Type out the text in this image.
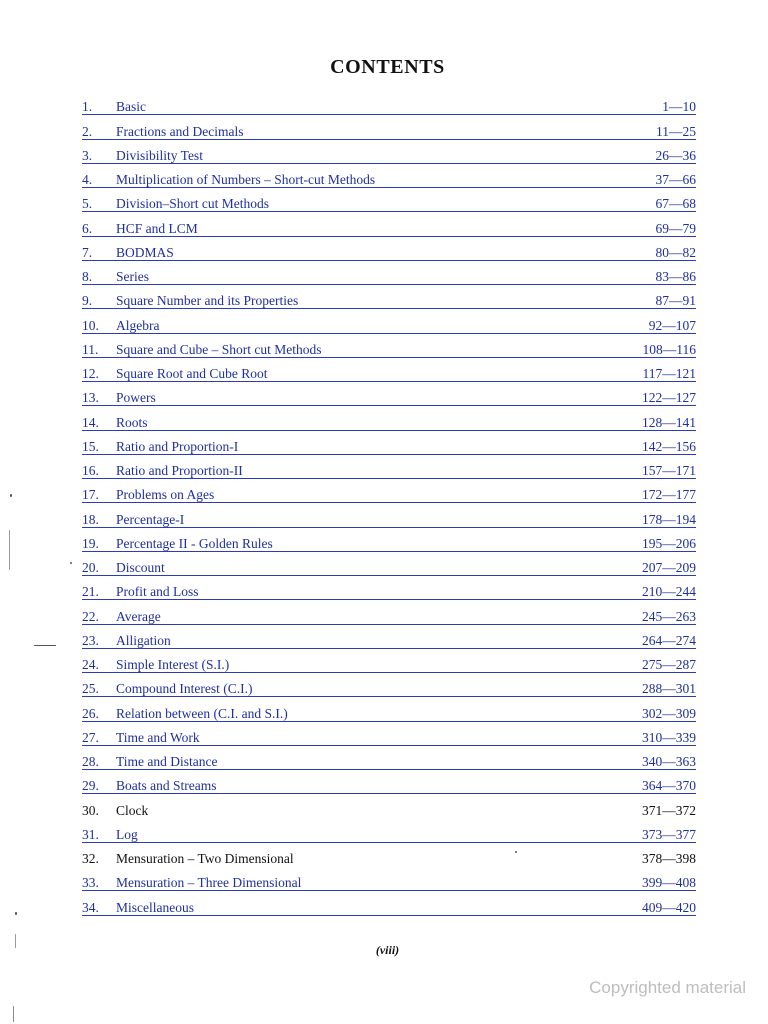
CONTENTS
1.	Basic	1—10
2.	Fractions and Decimals	11—25
3.	Divisibility Test	26—36
4.	Multiplication of Numbers – Short-cut Methods	37—66
5.	Division–Short cut Methods	67—68
6.	HCF and LCM	69—79
7.	BODMAS	80—82
8.	Series	83—86
9.	Square Number and its Properties	87—91
10.	Algebra	92—107
11.	Square and Cube – Short cut Methods	108—116
12.	Square Root and Cube Root	117—121
13.	Powers	122—127
14.	Roots	128—141
15.	Ratio and Proportion-I	142—156
16.	Ratio and Proportion-II	157—171
17.	Problems on Ages	172—177
18.	Percentage-I	178—194
19.	Percentage II - Golden Rules	195—206
20.	Discount	207—209
21.	Profit and Loss	210—244
22.	Average	245—263
23.	Alligation	264—274
24.	Simple Interest (S.I.)	275—287
25.	Compound Interest (C.I.)	288—301
26.	Relation between (C.I. and S.I.)	302—309
27.	Time and Work	310—339
28.	Time and Distance	340—363
29.	Boats and Streams	364—370
30.	Clock	371—372
31.	Log	373—377
32.	Mensuration – Two Dimensional	378—398
33.	Mensuration – Three Dimensional	399—408
34.	Miscellaneous	409—420
(viii)
Copyrighted material
